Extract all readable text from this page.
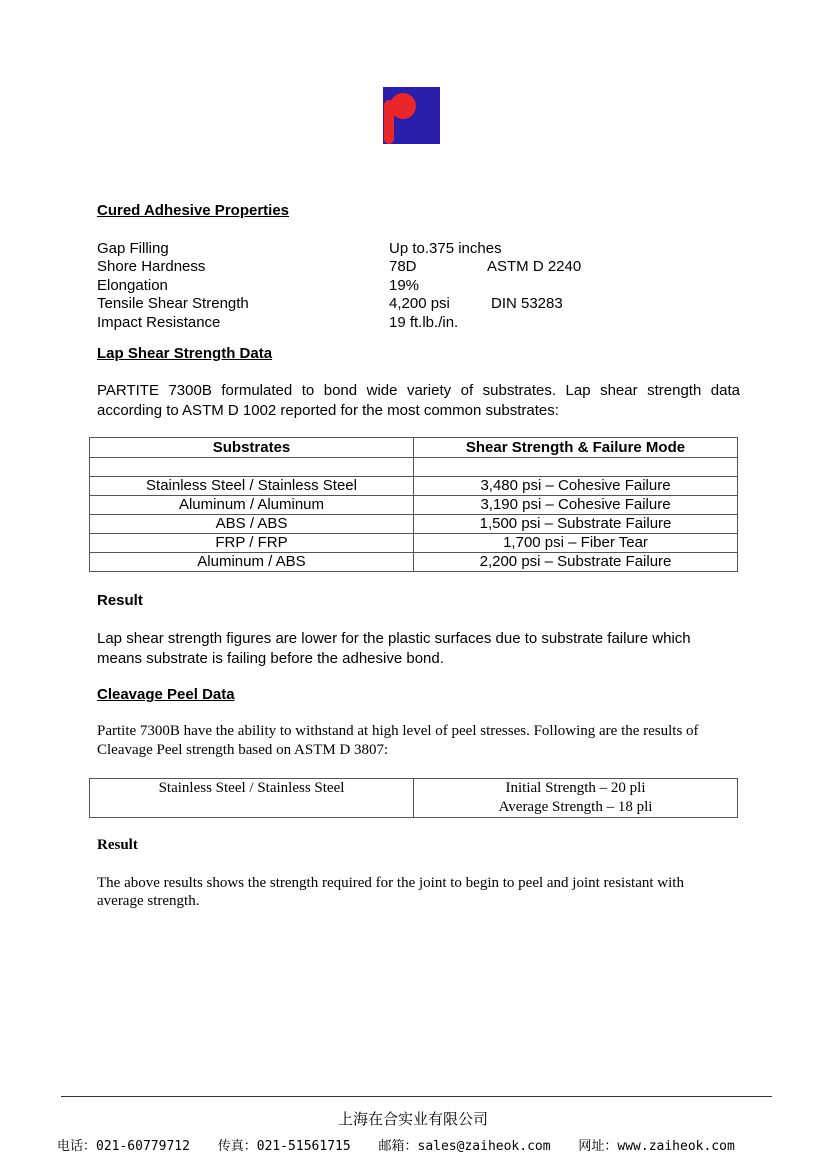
Cured Adhesive Properties
Gap Filling	Up to.375 inches
Shore Hardness	78D	ASTM D 2240
Elongation	19%
Tensile Shear Strength	4,200 psi	DIN 53283
Impact Resistance	19 ft.lb./in.
Lap Shear Strength Data
PARTITE 7300B formulated to bond wide variety of substrates. Lap shear strength data according to ASTM D 1002 reported for the most common substrates:
Substrates	Shear Strength & Failure Mode

Stainless Steel / Stainless Steel	3,480 psi – Cohesive Failure
Aluminum / Aluminum	3,190 psi – Cohesive Failure
ABS / ABS	1,500 psi – Substrate Failure
FRP / FRP	1,700 psi – Fiber Tear
Aluminum / ABS	2,200 psi – Substrate Failure
Result
Lap shear strength figures are lower for the plastic surfaces due to substrate failure which means substrate is failing before the adhesive bond.
Cleavage Peel Data
Partite 7300B have the ability to withstand at high level of peel stresses. Following are the results of Cleavage Peel strength based on ASTM D 3807:
Stainless Steel / Stainless Steel	Initial Strength – 20 pli
Average Strength – 18 pli
Result
The above results shows the strength required for the joint to begin to peel and joint resistant with average strength.
上海在合实业有限公司
电话：021-60779712 传真：021-51561715 邮箱：sales@zaiheok.com 网址：www.zaiheok.com
